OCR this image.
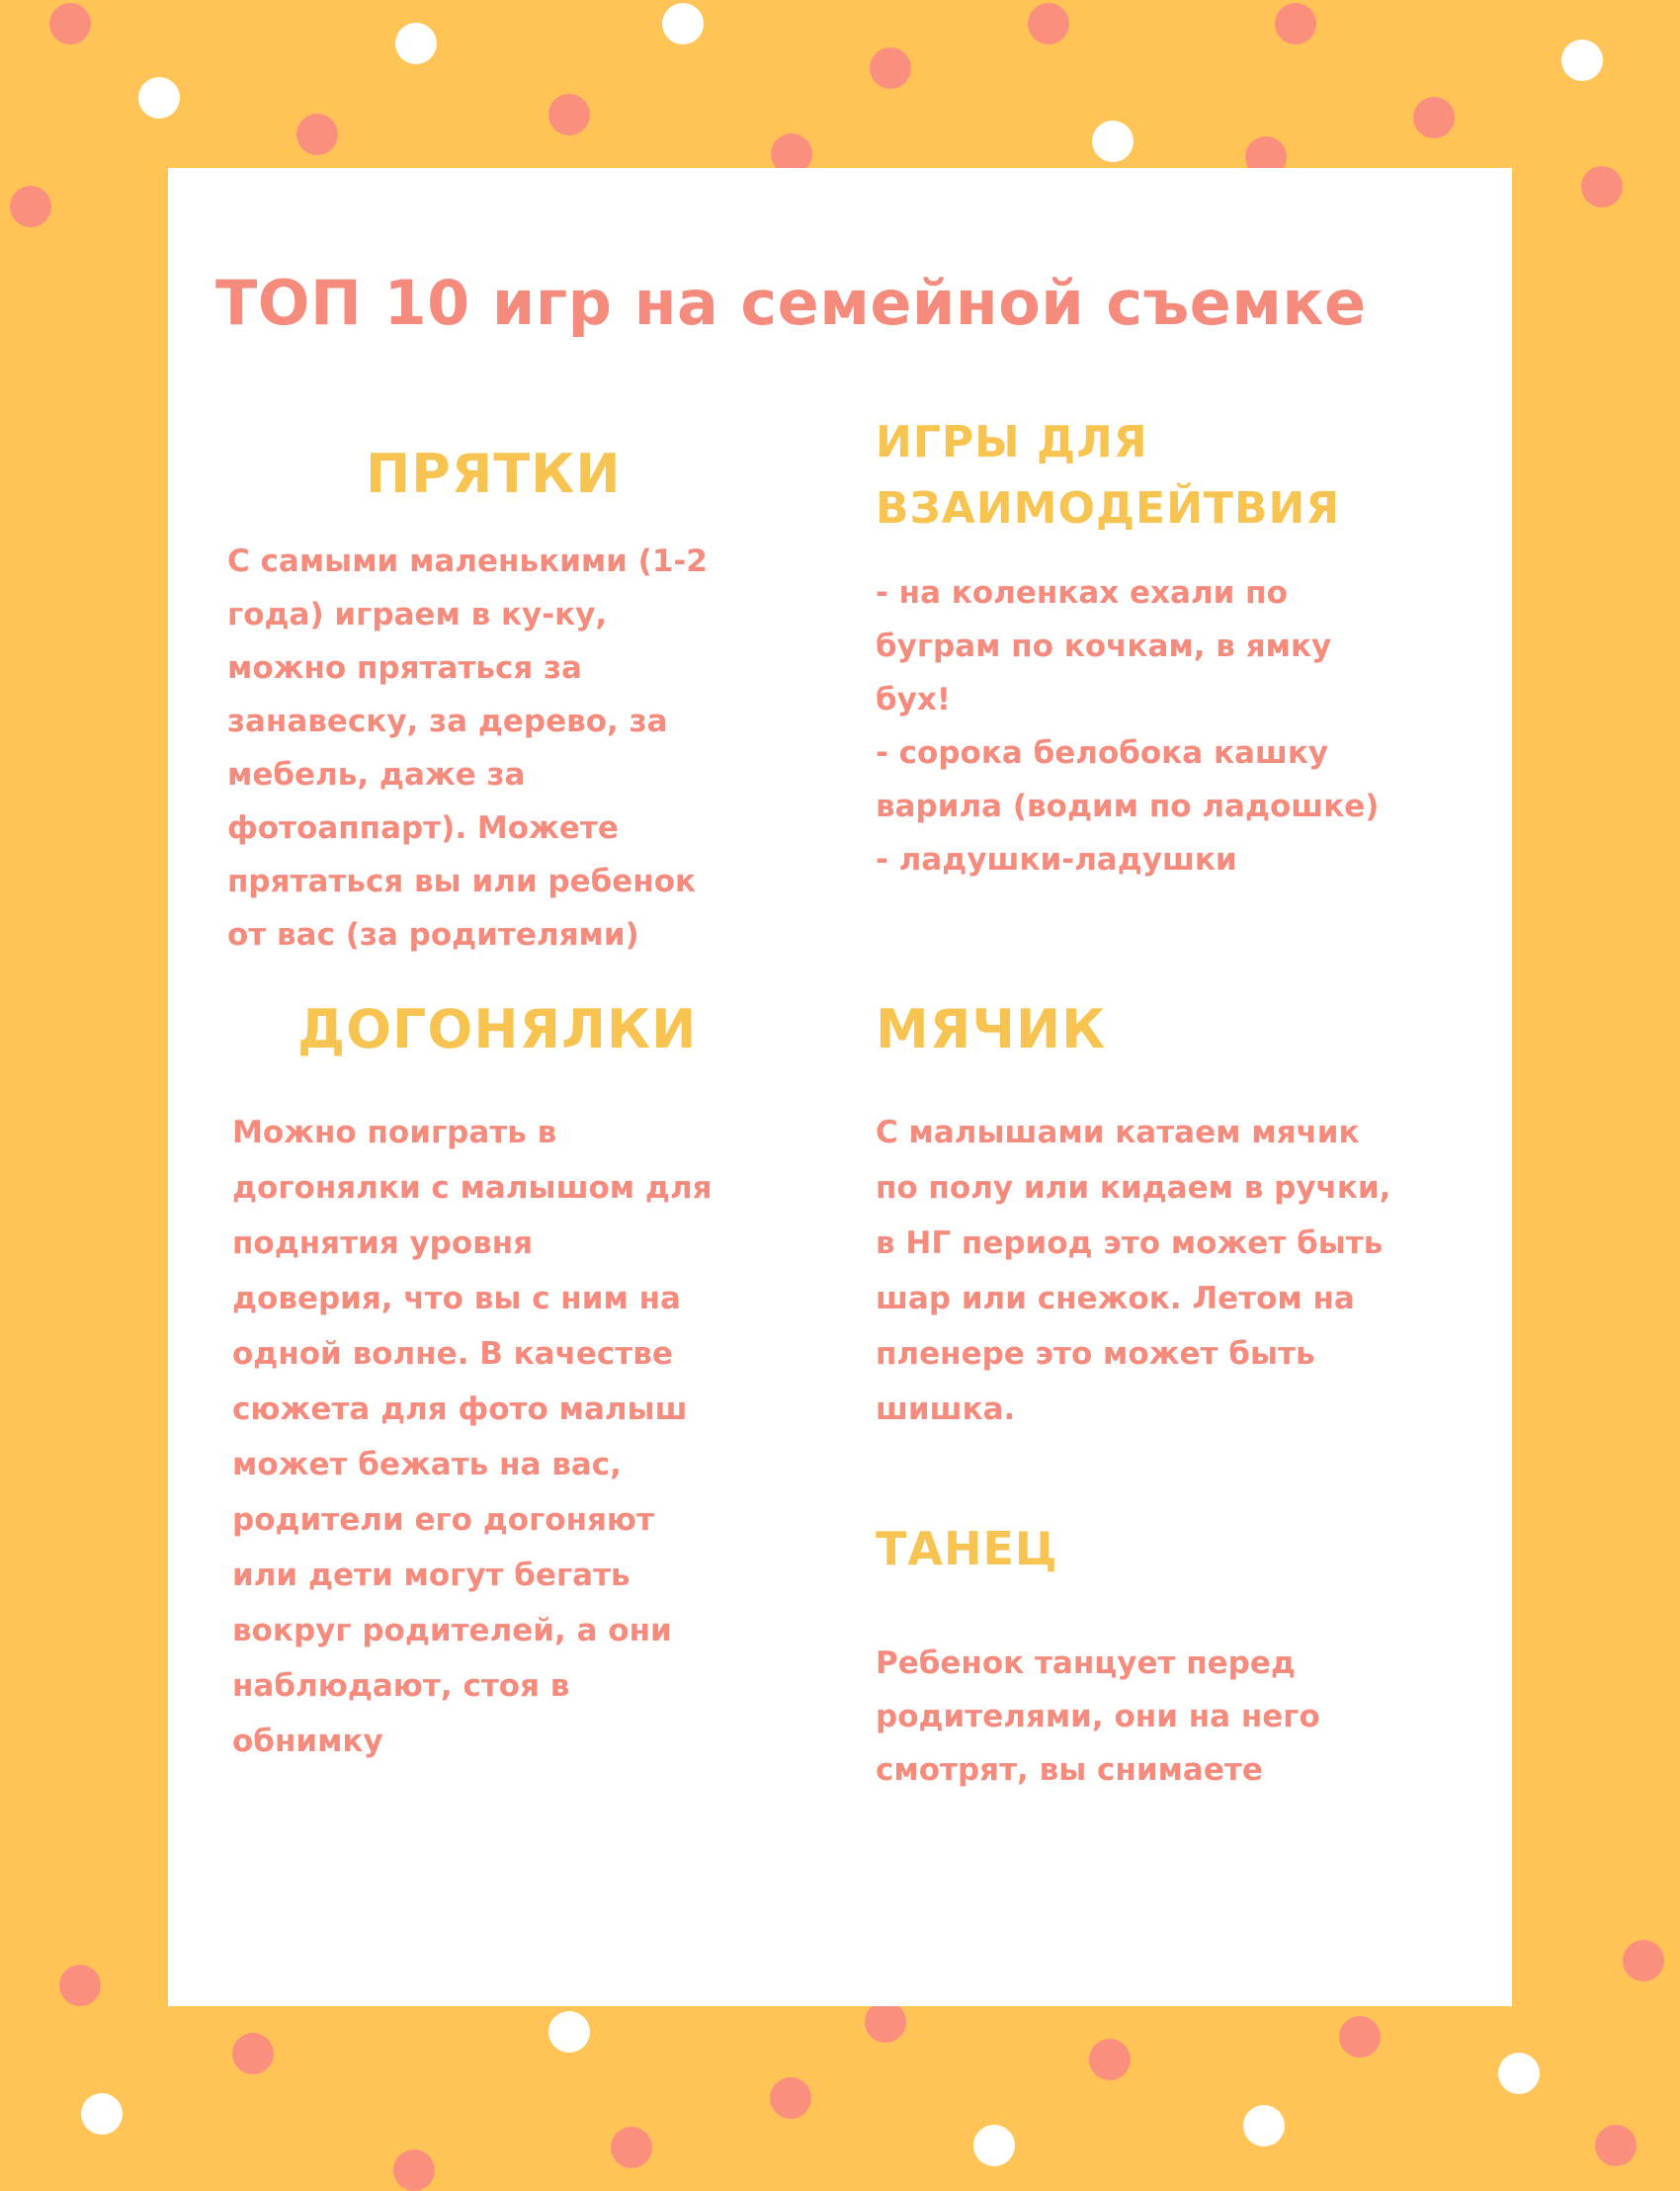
ТОП 10 игр на семейной съемке
ПРЯТКИ

С самыми маленькими (1-2
года) играем в ку-ку,
можно прятаться за
занавеску, за дерево, за
мебель, даже за
фотоаппарт). Можете
прятаться вы или ребенок
от вас (за родителями)

ИГРЫ ДЛЯ
ВЗАИМОДЕЙТВИЯ

- на коленках ехали по
буграм по кочкам, в ямку
бух!
- сорока белобока кашку
варила (водим по ладошке)
- ладушки-ладушки

ДОГОНЯЛКИ

Можно поиграть в
догонялки с малышом для
поднятия уровня
доверия, что вы с ним на
одной волне. В качестве
сюжета для фото малыш
может бежать на вас,
родители его догоняют
или дети могут бегать
вокруг родителей, а они
наблюдают, стоя в
обнимку

МЯЧИК

С малышами катаем мячик
по полу или кидаем в ручки,
в НГ период это может быть
шар или снежок. Летом на
пленере это может быть
шишка.

ТАНЕЦ

Ребенок танцует перед
родителями, они на него
смотрят, вы снимаете
